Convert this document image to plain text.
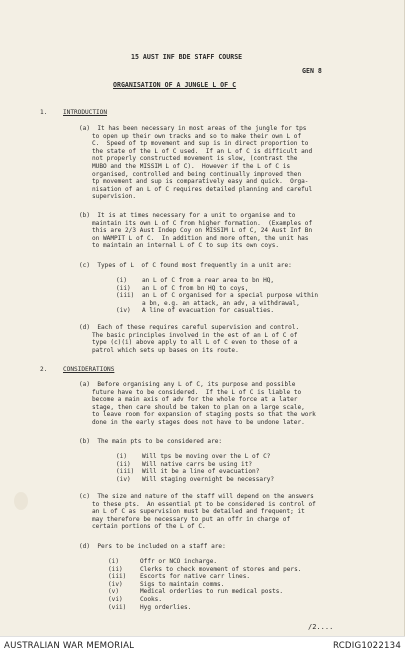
15 AUST INF BDE STAFF COURSE
GEN 8
ORGANISATION OF A JUNGLE L OF C
1.	INTRODUCTION
(a)  It has been necessary in most areas of the jungle for tps
to open up their own tracks and so to make their own L of
C.  Speed of tp movement and sup is in direct proportion to
the state of the L of C used.  If an L of C is difficult and
not properly constructed movement is slow, (contrast the
MUBO and the MISSIM L of C).  However if the L of C is
organised, controlled and being continually improved then
tp movement and sup is comparatively easy and quick.  Orga-
nisation of an L of C requires detailed planning and careful
supervision.
(b)  It is at times necessary for a unit to organise and to
maintain its own L of C from higher formation.  (Examples of
this are 2/3 Aust Indep Coy on MISSIM L of C, 24 Aust Inf Bn
on WAMPIT L of C.  In addition and more often, the unit has
to maintain an internal L of C to sup its own coys.
(c)  Types of L  of C found most frequently in a unit are:
(i) an L of C from a rear area to bn HQ,
(ii) an L of C from bn HQ to coys,
(iii) an L of C organised for a special purpose within
a bn, e.g. an attack, an adv, a withdrawal,
(iv) A line of evacuation for casualties.
(d)  Each of these requires careful supervision and control.
The basic principles involved in the est of an L of C of
type (c)(i) above apply to all L of C even to those of a
patrol which sets up bases on its route.
2.	CONSIDERATIONS
(a)  Before organising any L of C, its purpose and possible
future have to be considered.  If the L of C is liable to
become a main axis of adv for the whole force at a later
stage, then care should be taken to plan on a large scale,
to leave room for expansion of staging posts so that the work
done in the early stages does not have to be undone later.
(b)  The main pts to be considered are:
(i) Will tps be moving over the L of C?
(ii) Will native carrs be using it?
(iii) Will it be a line of evacuation?
(iv) Will staging overnight be necessary?
(c)  The size and nature of the staff will depend on the answers
to these pts.  An essential pt to be considered is control of
an L of C as supervision must be detailed and frequent; it
may therefore be necessary to put an offr in charge of
certain portions of the L of C.
(d)  Pers to be included on a staff are:
(i)	Offr or NCO incharge.
(ii)	Clerks to check movement of stores and pers.
(iii) Escorts for native carr lines.
(iv)	Sigs to maintain comms.
(v)	Medical orderlies to run medical posts.
(vi)	Cooks.
(vii) Hyg orderlies.
/2....
AUSTRALIAN WAR MEMORIAL	RCDIG1022134
